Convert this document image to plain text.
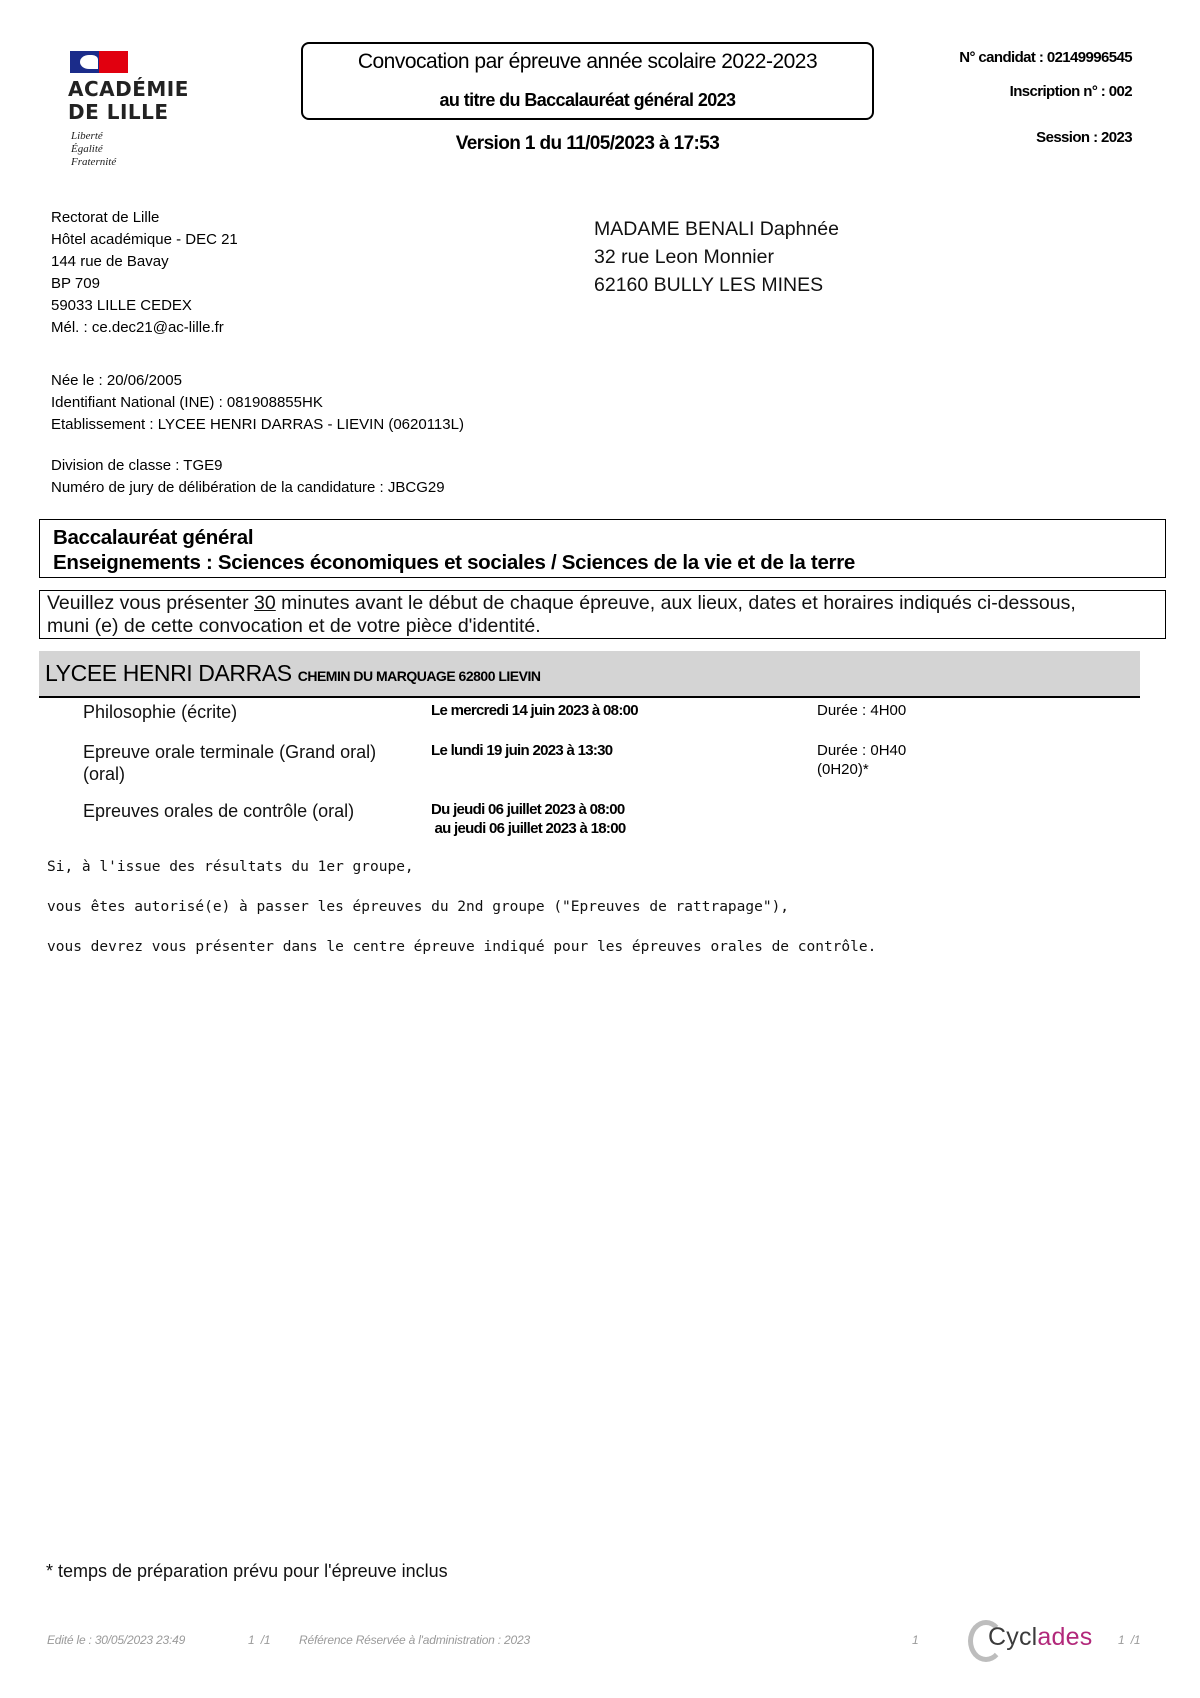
ACADÉMIE
DE LILLE
Liberté
Égalité
Fraternité
Convocation par épreuve année scolaire 2022-2023
au titre du Baccalauréat général 2023
Version 1 du 11/05/2023 à 17:53
N° candidat : 02149996545
Inscription n° : 002
Session : 2023
Rectorat de Lille
Hôtel académique - DEC 21
144 rue de Bavay
BP 709
59033 LILLE CEDEX
Mél. : ce.dec21@ac-lille.fr
MADAME BENALI Daphnée
32 rue Leon Monnier
62160 BULLY LES MINES
Née le : 20/06/2005
Identifiant National (INE) : 081908855HK
Etablissement : LYCEE HENRI DARRAS - LIEVIN (0620113L)
Division de classe : TGE9
Numéro de jury de délibération de la candidature : JBCG29
Baccalauréat général
Enseignements : Sciences économiques et sociales / Sciences de la vie et de la terre
Veuillez vous présenter 30 minutes avant le début de chaque épreuve, aux lieux, dates et horaires indiqués ci-dessous,
muni (e) de cette convocation et de votre pièce d'identité.
LYCEE HENRI DARRAS CHEMIN DU MARQUAGE 62800 LIEVIN
Philosophie (écrite)	Le mercredi 14 juin 2023 à 08:00	Durée : 4H00
Epreuve orale terminale (Grand oral) (oral)
Le lundi 19 juin 2023 à 13:30	Durée : 0H40
(0H20)*
Epreuves orales de contrôle (oral)	Du jeudi 06 juillet 2023 à 08:00
au jeudi 06 juillet 2023 à 18:00
Si, à l'issue des résultats du 1er groupe,
vous êtes autorisé(e) à passer les épreuves du 2nd groupe ("Epreuves de rattrapage"),
vous devrez vous présenter dans le centre épreuve indiqué pour les épreuves orales de contrôle.
* temps de préparation prévu pour l'épreuve inclus
Edité le : 30/05/2023 23:49	1  /1 Référence Réservée à l'administration : 2023	1	Cyclades 1  /1
